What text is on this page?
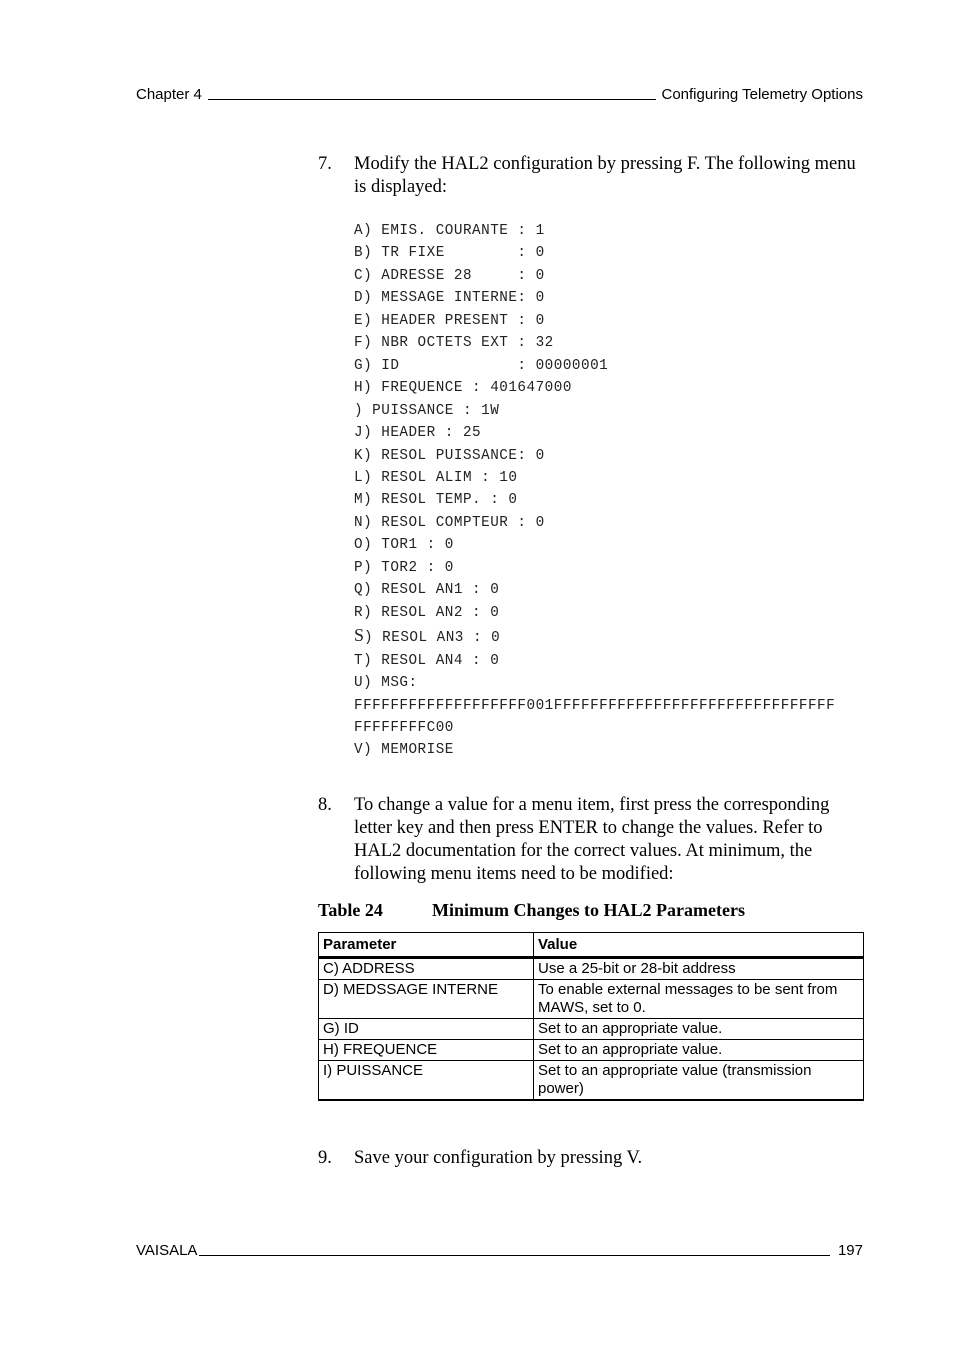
Chapter 4	Configuring Telemetry Options
7. Modify the HAL2 configuration by pressing F. The following menu is displayed:
A) EMIS. COURANTE : 1
B) TR FIXE        : 0
C) ADRESSE 28     : 0
D) MESSAGE INTERNE: 0
E) HEADER PRESENT : 0
F) NBR OCTETS EXT : 32
G) ID             : 00000001
H) FREQUENCE : 401647000
) PUISSANCE : 1W
J) HEADER : 25
K) RESOL PUISSANCE: 0
L) RESOL ALIM : 10
M) RESOL TEMP. : 0
N) RESOL COMPTEUR : 0
O) TOR1 : 0
P) TOR2 : 0
Q) RESOL AN1 : 0
R) RESOL AN2 : 0
S) RESOL AN3 : 0
T) RESOL AN4 : 0
U) MSG:
FFFFFFFFFFFFFFFFFFF001FFFFFFFFFFFFFFFFFFFFFFFFFFFFFFF
FFFFFFFFC00
V) MEMORISE
8. To change a value for a menu item, first press the corresponding letter key and then press ENTER to change the values. Refer to HAL2 documentation for the correct values. At minimum, the following menu items need to be modified:
Table 24	Minimum Changes to HAL2 Parameters
Parameter	Value
C) ADDRESS	Use a 25-bit or 28-bit address
D) MEDSSAGE INTERNE	To enable external messages to be sent from MAWS, set to 0.
G) ID	Set to an appropriate value.
H) FREQUENCE	Set to an appropriate value.
I) PUISSANCE	Set to an appropriate value (transmission power)
9. Save your configuration by pressing V.
VAISALA	197
